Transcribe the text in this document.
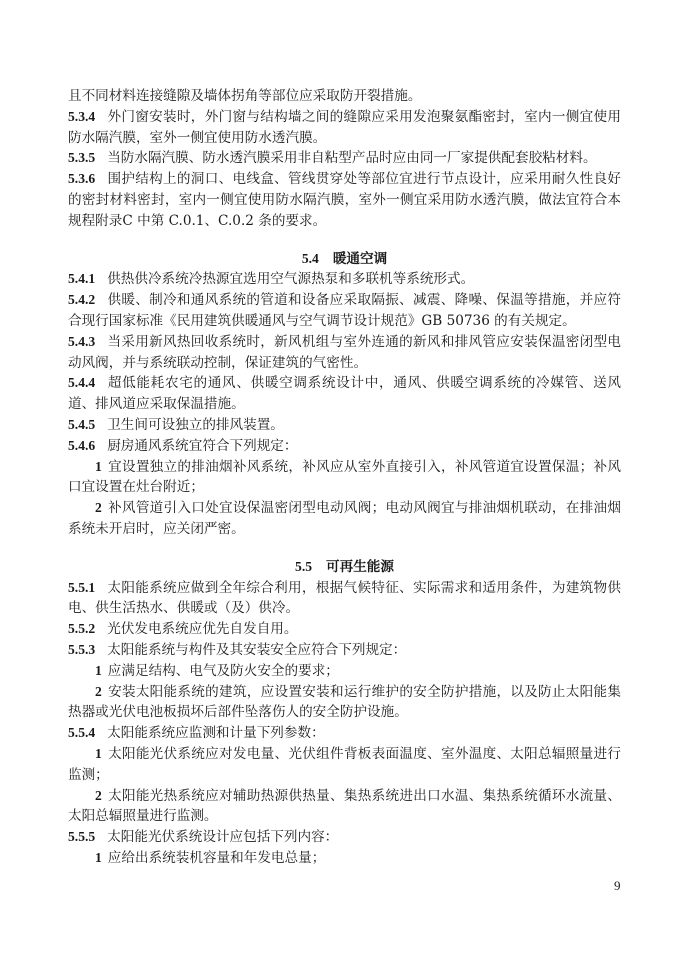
且不同材料连接缝隙及墙体拐角等部位应采取防开裂措施。

5.3.4 外门窗安装时，外门窗与结构墙之间的缝隙应采用发泡聚氨酯密封，室内一侧宜使用防水隔汽膜，室外一侧宜使用防水透汽膜。

5.3.5 当防水隔汽膜、防水透汽膜采用非自粘型产品时应由同一厂家提供配套胶粘材料。

5.3.6 围护结构上的洞口、电线盒、管线贯穿处等部位宜进行节点设计，应采用耐久性良好的密封材料密封，室内一侧宜使用防水隔汽膜，室外一侧宜采用防水透汽膜，做法宜符合本规程附录C 中第 C.0.1、C.0.2 条的要求。

5.4 暖通空调

5.4.1 供热供冷系统冷热源宜选用空气源热泵和多联机等系统形式。

5.4.2 供暖、制冷和通风系统的管道和设备应采取隔振、减震、降噪、保温等措施，并应符合现行国家标准《民用建筑供暖通风与空气调节设计规范》GB 50736 的有关规定。

5.4.3 当采用新风热回收系统时，新风机组与室外连通的新风和排风管应安装保温密闭型电动风阀，并与系统联动控制，保证建筑的气密性。

5.4.4 超低能耗农宅的通风、供暖空调系统设计中，通风、供暖空调系统的冷媒管、送风道、排风道应采取保温措施。

5.4.5 卫生间可设独立的排风装置。

5.4.6 厨房通风系统宜符合下列规定：

1 宜设置独立的排油烟补风系统，补风应从室外直接引入，补风管道宜设置保温；补风口宜设置在灶台附近；

2 补风管道引入口处宜设保温密闭型电动风阀；电动风阀宜与排油烟机联动，在排油烟系统未开启时，应关闭严密。

5.5 可再生能源

5.5.1 太阳能系统应做到全年综合利用，根据气候特征、实际需求和适用条件，为建筑物供电、供生活热水、供暖或（及）供冷。

5.5.2 光伏发电系统应优先自发自用。

5.5.3 太阳能系统与构件及其安装安全应符合下列规定：

1 应满足结构、电气及防火安全的要求；

2 安装太阳能系统的建筑，应设置安装和运行维护的安全防护措施，以及防止太阳能集热器或光伏电池板损坏后部件坠落伤人的安全防护设施。

5.5.4 太阳能系统应监测和计量下列参数：

1 太阳能光伏系统应对发电量、光伏组件背板表面温度、室外温度、太阳总辐照量进行监测；

2 太阳能光热系统应对辅助热源供热量、集热系统进出口水温、集热系统循环水流量、太阳总辐照量进行监测。

5.5.5 太阳能光伏系统设计应包括下列内容：

1 应给出系统装机容量和年发电总量；

9
